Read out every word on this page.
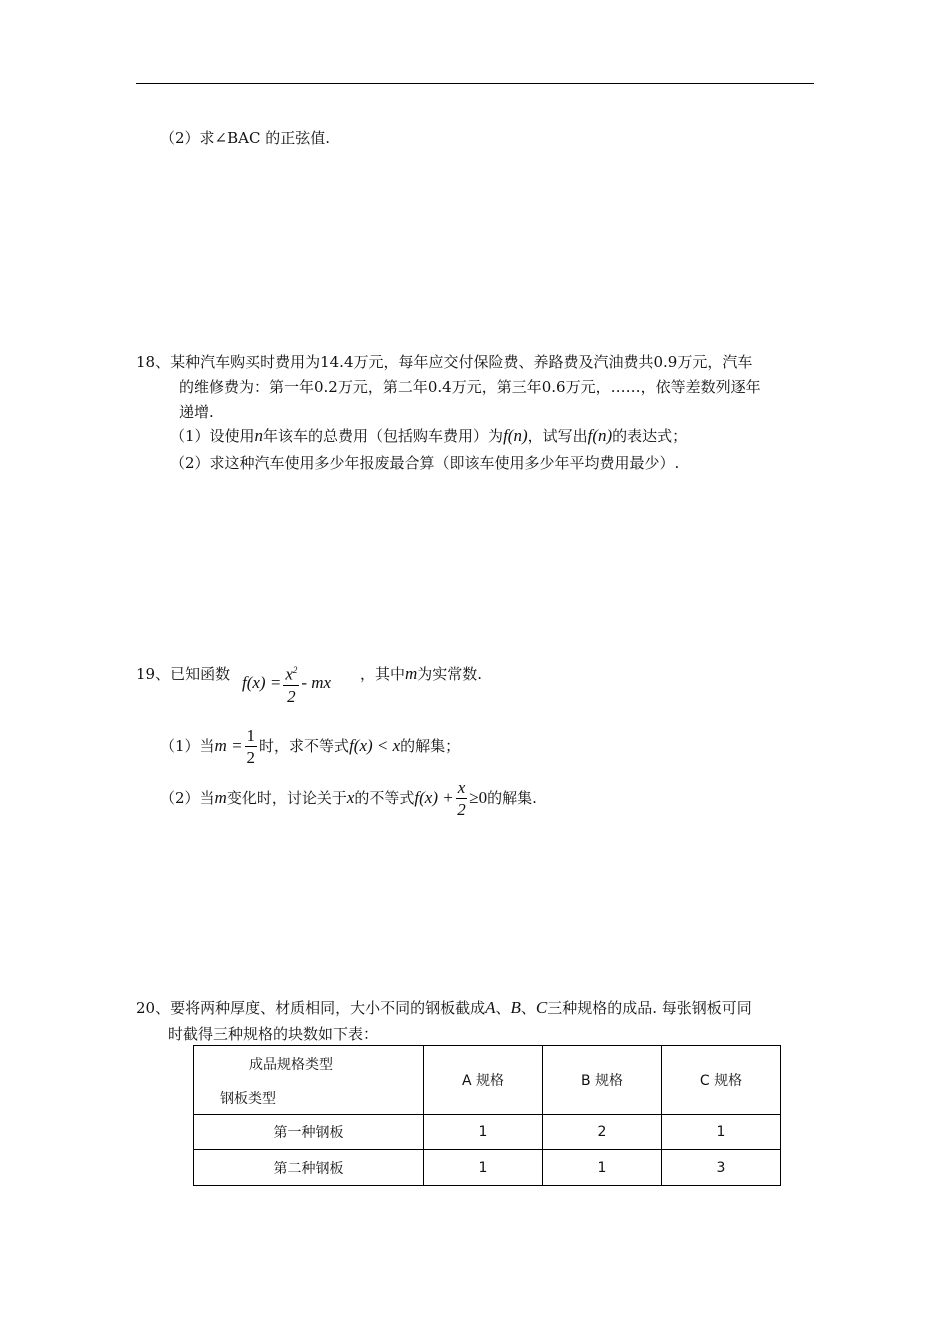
（2）求∠BAC 的正弦值.
18、某种汽车购买时费用为14.4万元，每年应交付保险费、养路费及汽油费共0.9万元，汽车
的维修费为：第一年0.2万元，第二年0.4万元，第三年0.6万元，……，依等差数列逐年
递增.
（1）设使用n年该车的总费用（包括购车费用）为f(n)，试写出f(n)的表达式；
（2）求这种汽车使用多少年报废最合算（即该车使用多少年平均费用最少）.
19、已知函数 $f(x) = \frac{x^2}{2}$ - mx ，其中m为实常数.
（1）当$m = \frac{1}{2}$ 时，求不等式f(x) < x的解集；
（2）当m变化时，讨论关于x的不等式$f(x) + \frac{x}{2} \ge 0$的解集.
20、要将两种厚度、材质相同，大小不同的钢板截成A、B、C三种规格的成品. 每张钢板可同
时截得三种规格的块数如下表：
成品规格类型
钢板类型	A 规格	B 规格	C 规格
第一种钢板	1	2	1
第二种钢板	1	1	3
